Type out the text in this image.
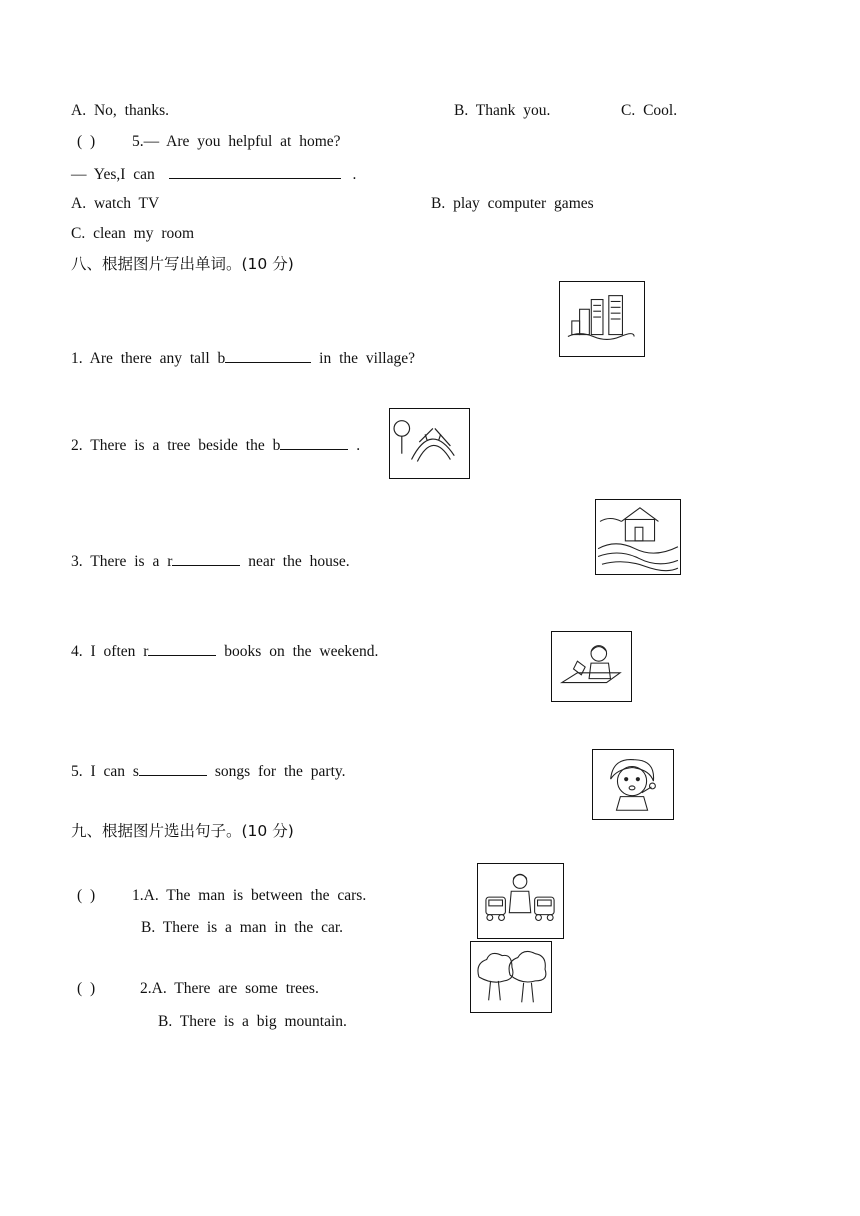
A. No, thanks.	B. Thank you.	C. Cool.
( ) 5.— Are you helpful at home?
— Yes,I can	.
A. watch TV	B. play computer games
C. clean my room
八、根据图片写出单词。(10 分)
1. Are there any tall b	in the village?
2. There is a tree beside the b	.
3. There is a r	near the house.
4. I often r	books on the weekend.
5. I can s	songs for the party.
九、根据图片选出句子。(10 分)
( ) 1.A. The man is between the cars.
B. There is a man in the car.
( )	2.A. There are some trees.
B. There is a big mountain.
